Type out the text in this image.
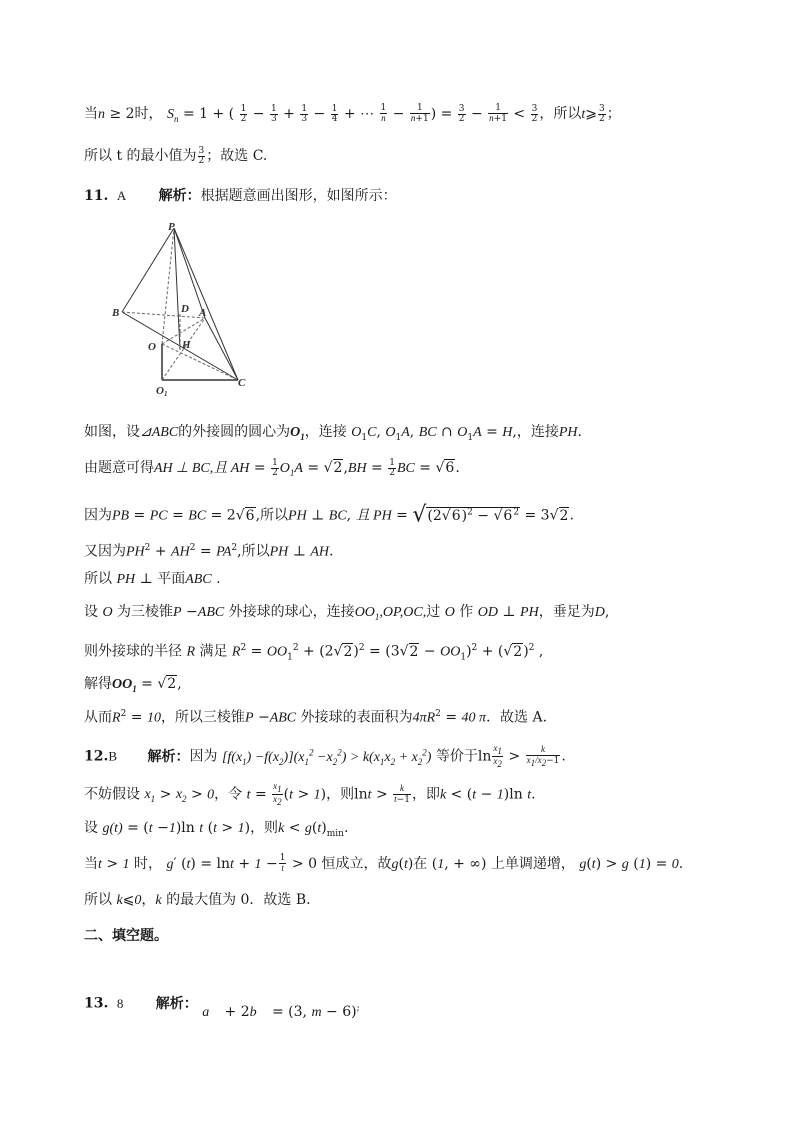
当n ≥ 2时， $S_n = 1$ + ( $\frac{1}{2} - \frac{1}{3} + \frac{1}{3} - \frac{1}{4}$ + ⋯ $\frac{1}{n} - \frac{1}{n+1}$ ) = $\frac{3}{2} - \frac{1}{n+1} < \frac{3}{2}$ ，所以t⩾ $\frac{3}{2}$ ；
所以 t 的最小值为 $\frac{3}{2}$ ；故选 C.
11. A 解析：根据题意画出图形，如图所示：
P
B	D A
O H
O1
C
如图，设⊿ABC的外接圆的圆心为$O_1$，连接 $O_1C$, $O_1A$, BC ∩ $O_1A = H$,，连接PH.
由题意可得AH ⊥ BC,且 AH = $\frac{1}{2} O_1A = √2,BH = \frac{1}{2}$ BC = √6.
因为PB = PC = BC = 2√6,所以PH ⊥ BC, 且 PH = $√(2√6)^2 - √6^2 = 3√2$.
又因为$PH^2 + AH^2 = PA^2$,所以PH ⊥ AH.
所以 PH ⊥ 平面ABC .
设 O 为三棱锥P −ABC 外接球的球心，连接$OO_1,OP,OC$,过 O 作 OD ⊥ PH，垂足为D,
则外接球的半径 R 满足 $R^2 = OO_1^2 + (2√2)^2 = (3√2 - OO_1)^2 + (√2)^2$ ,
解得$OO_1 = √2$,
从而$R^2 = 10$，所以三棱锥P −ABC 外接球的表面积为$4\pi R^2 = 40$ π．故选 A.
12.B 解析：因为 $[f(x_1) -f(x_2)](x_1^2 -x_2^2) > k(x_1x_2 + x_2^2)$ 等价于$\ln \frac{x_1}{x_2} > \frac{k}{x_1/x_2-1}$ .
不妨假设 $x_1 > x_2 > 0$，令 $t = \frac{x_1}{x_2} (t > 1)$，则$\ln t > \frac{k}{t-1}$ ，即k < (t − 1)ln t.
设 g(t) = (t −1)ln t (t > 1)，则$k < g(t)_{min}$.
当t > 1 时， g′ $(t) = \ln t + 1 - \frac{1}{t} > 0$ 恒成立，故g(t)在 (1, + ∞) 上单调递增， g(t) > g (1) = 0.
所以 k⩽0，k 的最大值为 0．故选 B.
二、填空题。
13. 8 解析： a⃗ + 2b⃗ = (3, m − 6);
